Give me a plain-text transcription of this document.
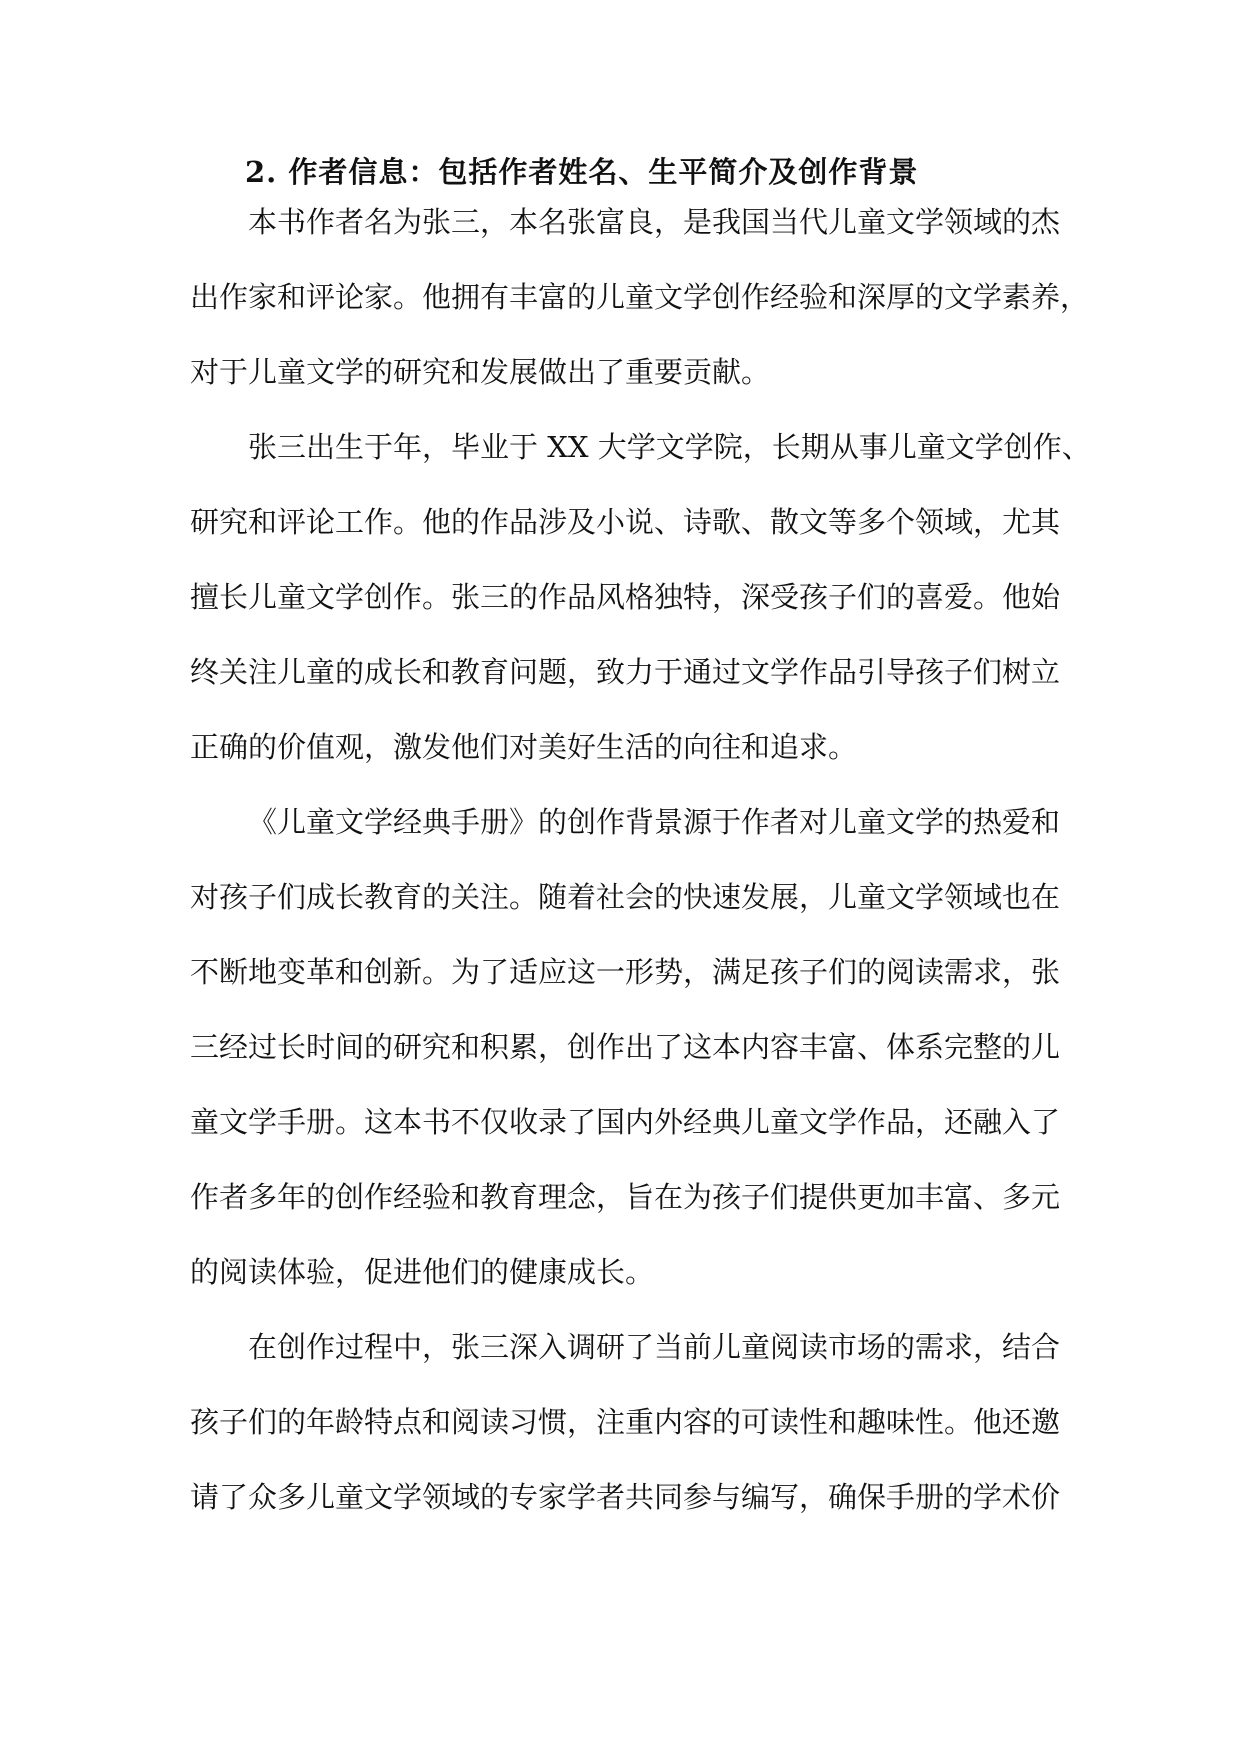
2. 作者信息：包括作者姓名、生平简介及创作背景

本书作者名为张三，本名张富良，是我国当代儿童文学领域的杰

出作家和评论家。他拥有丰富的儿童文学创作经验和深厚的文学素养，

对于儿童文学的研究和发展做出了重要贡献。

张三出生于年，毕业于 XX 大学文学院，长期从事儿童文学创作、

研究和评论工作。他的作品涉及小说、诗歌、散文等多个领域，尤其

擅长儿童文学创作。张三的作品风格独特，深受孩子们的喜爱。他始

终关注儿童的成长和教育问题，致力于通过文学作品引导孩子们树立

正确的价值观，激发他们对美好生活的向往和追求。

《儿童文学经典手册》的创作背景源于作者对儿童文学的热爱和

对孩子们成长教育的关注。随着社会的快速发展，儿童文学领域也在

不断地变革和创新。为了适应这一形势，满足孩子们的阅读需求，张

三经过长时间的研究和积累，创作出了这本内容丰富、体系完整的儿

童文学手册。这本书不仅收录了国内外经典儿童文学作品，还融入了

作者多年的创作经验和教育理念，旨在为孩子们提供更加丰富、多元

的阅读体验，促进他们的健康成长。

在创作过程中，张三深入调研了当前儿童阅读市场的需求，结合

孩子们的年龄特点和阅读习惯，注重内容的可读性和趣味性。他还邀

请了众多儿童文学领域的专家学者共同参与编写，确保手册的学术价
